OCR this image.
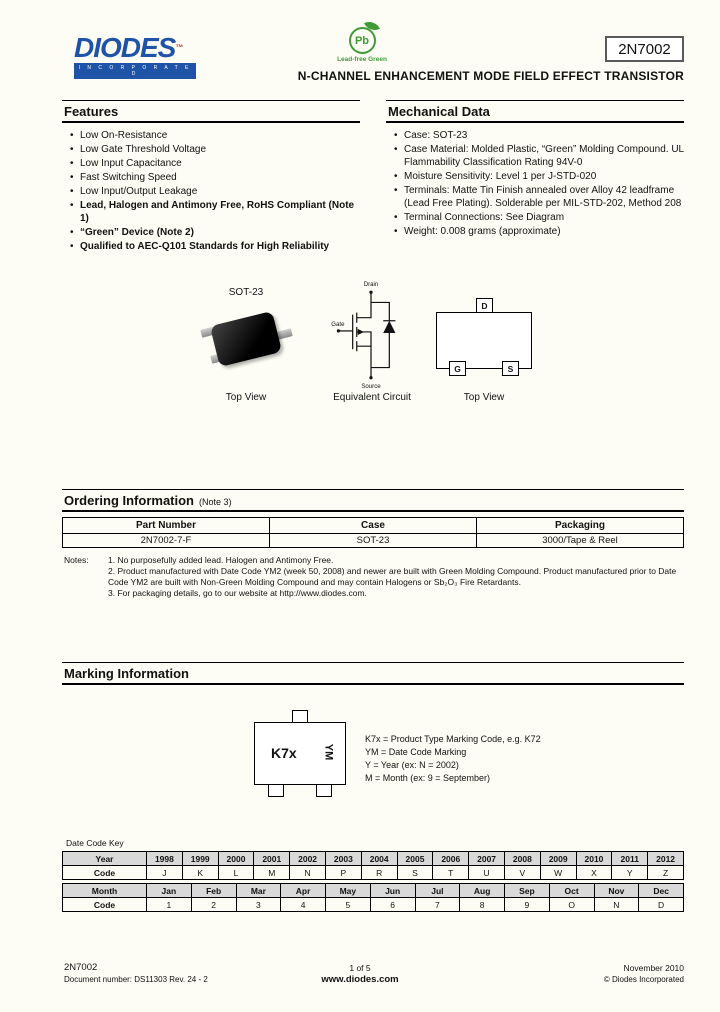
DIODES ™
I N C O R P O R A T E D
Pb
Lead-free Green
2N7002
N-CHANNEL ENHANCEMENT MODE FIELD EFFECT TRANSISTOR
Features
•
Low On-Resistance
•
Low Gate Threshold Voltage
•
Low Input Capacitance
•
Fast Switching Speed
•
Low Input/Output Leakage
•
Lead, Halogen and Antimony Free, RoHS Compliant (Note 1)
•
“Green” Device (Note 2)
•
Qualified to AEC-Q101 Standards for High Reliability
Mechanical Data
•
Case: SOT-23
•
Case Material: Molded Plastic, “Green” Molding Compound. UL Flammability Classification Rating 94V-0
•
Moisture Sensitivity: Level 1 per J-STD-020
•
Terminals: Matte Tin Finish annealed over Alloy 42 leadframe (Lead Free Plating). Solderable per MIL-STD-202, Method 208
•
Terminal Connections: See Diagram
•
Weight: 0.008 grams (approximate)
SOT-23
Top View
Drain
Gate
Source
Equivalent Circuit
D
G	S
Top View
Ordering Information (Note 3)
Part Number	Case	Packaging
2N7002-7-F	SOT-23	3000/Tape & Reel
Notes:	1. No purposefully added lead. Halogen and Antimony Free.
2. Product manufactured with Date Code YM2 (week 50, 2008) and newer are built with Green Molding Compound. Product manufactured prior to Date Code YM2 are built with Non-Green Molding Compound and may contain Halogens or Sb₂O₃ Fire Retardants.
3. For packaging details, go to our website at http://www.diodes.com.
Marking Information
K7x YM
K7x = Product Type Marking Code, e.g. K72
YM = Date Code Marking
Y = Year (ex: N = 2002)
M = Month (ex: 9 = September)
Date Code Key
Year	1998	1999	2000	2001	2002	2003	2004	2005	2006	2007	2008	2009	2010	2011	2012
Code	J	K	L	M	N	P	R	S	T	U	V	W	X	Y	Z
Month	Jan	Feb	Mar	Apr	May	Jun	Jul	Aug	Sep	Oct	Nov	Dec
Code	1	2	3	4	5	6	7	8	9	O	N	D
2N7002
Document number: DS11303 Rev. 24 - 2
1 of 5
www.diodes.com
November 2010
© Diodes Incorporated
